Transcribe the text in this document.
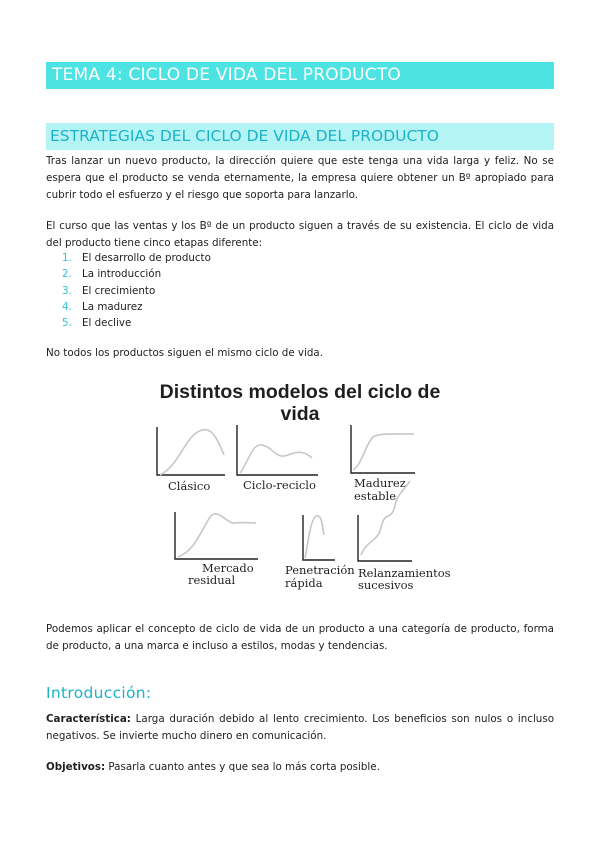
TEMA 4: CICLO DE VIDA DEL PRODUCTO
ESTRATEGIAS DEL CICLO DE VIDA DEL PRODUCTO

Tras lanzar un nuevo producto, la dirección quiere que este tenga una vida larga y feliz. No se espera que el producto se venda eternamente, la empresa quiere obtener un Bº apropiado para cubrir todo el esfuerzo y el riesgo que soporta para lanzarlo.

El curso que las ventas y los Bº de un producto siguen a través de su existencia. El ciclo de vida del producto tiene cinco etapas diferente:

1. El desarrollo de producto
2. La introducción
3. El crecimiento
4. La madurez
5. El declive

No todos los productos siguen el mismo ciclo de vida.

Distintos modelos del ciclo de
vida
Clásico	Ciclo-reciclo	Madurez
estable
Mercado
residual
Penetración
rápida
Relanzamientos
sucesivos

Podemos aplicar el concepto de ciclo de vida de un producto a una categoría de producto, forma de producto, a una marca e incluso a estilos, modas y tendencias.

Introducción:

Característica: Larga duración debido al lento crecimiento. Los beneficios son nulos o incluso negativos. Se invierte mucho dinero en comunicación.

Objetivos: Pasarla cuanto antes y que sea lo más corta posible.
